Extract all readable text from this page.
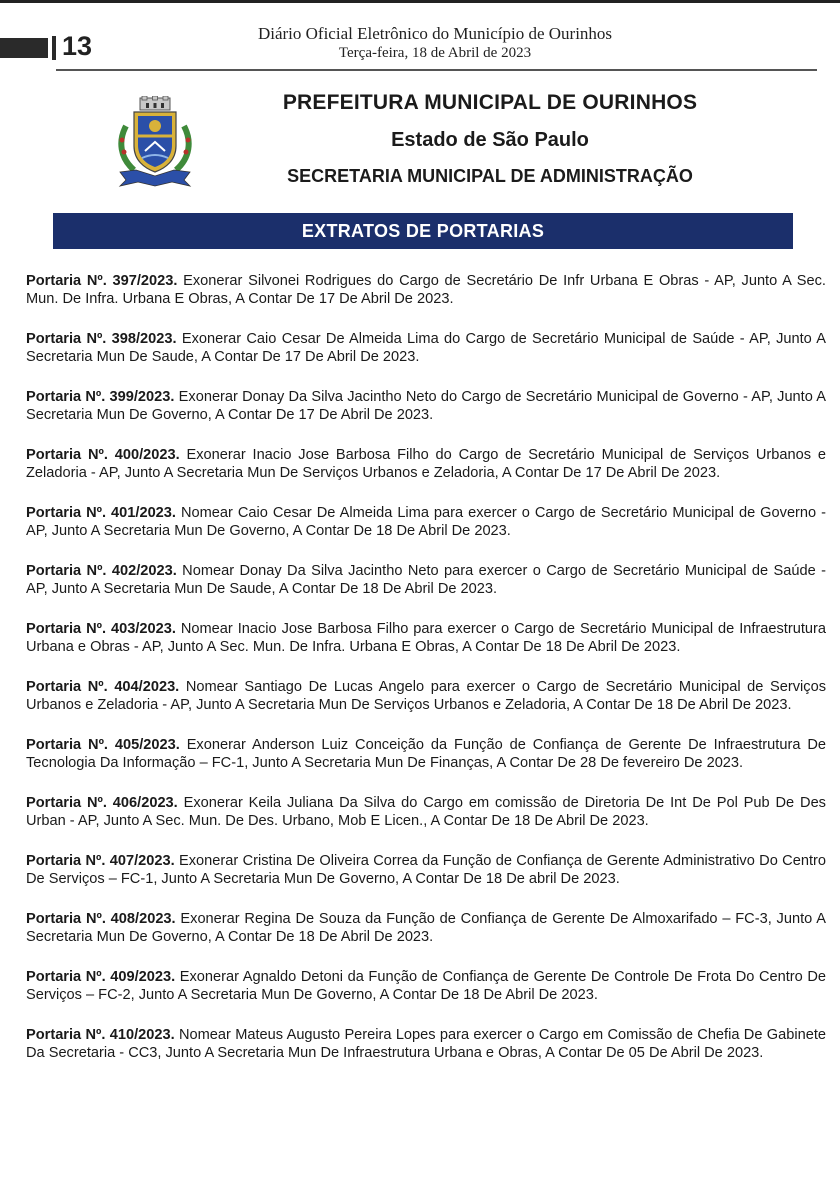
13	Diário Oficial Eletrônico do Município de Ourinhos
Terça-feira, 18 de Abril de 2023
PREFEITURA MUNICIPAL DE OURINHOS
Estado de São Paulo
SECRETARIA MUNICIPAL DE ADMINISTRAÇÃO
EXTRATOS DE PORTARIAS

Portaria Nº. 397/2023. Exonerar Silvonei Rodrigues do Cargo de Secretário De Infr Urbana E Obras - AP, Junto A Sec. Mun. De Infra. Urbana E Obras, A Contar De 17 De Abril De 2023.

Portaria Nº. 398/2023. Exonerar Caio Cesar De Almeida Lima do Cargo de Secretário Municipal de Saúde - AP, Junto A Secretaria Mun De Saude, A Contar De 17 De Abril De 2023.

Portaria Nº. 399/2023. Exonerar Donay Da Silva Jacintho Neto do Cargo de Secretário Municipal de Governo - AP, Junto A Secretaria Mun De Governo, A Contar De 17 De Abril De 2023.

Portaria Nº. 400/2023. Exonerar Inacio Jose Barbosa Filho do Cargo de Secretário Municipal de Serviços Urbanos e Zeladoria - AP, Junto A Secretaria Mun De Serviços Urbanos e Zeladoria, A Contar De 17 De Abril De 2023.

Portaria Nº. 401/2023. Nomear Caio Cesar De Almeida Lima para exercer o Cargo de Secretário Municipal de Governo - AP, Junto A Secretaria Mun De Governo, A Contar De 18 De Abril De 2023.

Portaria Nº. 402/2023. Nomear Donay Da Silva Jacintho Neto para exercer o Cargo de Secretário Municipal de Saúde - AP, Junto A Secretaria Mun De Saude, A Contar De 18 De Abril De 2023.

Portaria Nº. 403/2023. Nomear Inacio Jose Barbosa Filho para exercer o Cargo de Secretário Municipal de Infraestrutura Urbana e Obras - AP, Junto A Sec. Mun. De Infra. Urbana E Obras, A Contar De 18 De Abril De 2023.

Portaria Nº. 404/2023. Nomear Santiago De Lucas Angelo para exercer o Cargo de Secretário Municipal de Serviços Urbanos e Zeladoria - AP, Junto A Secretaria Mun De Serviços Urbanos e Zeladoria, A Contar De 18 De Abril De 2023.

Portaria Nº. 405/2023. Exonerar Anderson Luiz Conceição da Função de Confiança de Gerente De Infraestrutura De Tecnologia Da Informação – FC-1, Junto A Secretaria Mun De Finanças, A Contar De 28 De fevereiro De 2023.

Portaria Nº. 406/2023. Exonerar Keila Juliana Da Silva do Cargo em comissão de Diretoria De Int De Pol Pub De Des Urban - AP, Junto A Sec. Mun. De Des. Urbano, Mob E Licen., A Contar De 18 De Abril De 2023.

Portaria Nº. 407/2023. Exonerar Cristina De Oliveira Correa da Função de Confiança de Gerente Administrativo Do Centro De Serviços – FC-1, Junto A Secretaria Mun De Governo, A Contar De 18 De abril De 2023.

Portaria Nº. 408/2023. Exonerar Regina De Souza da Função de Confiança de Gerente De Almoxarifado – FC-3, Junto A Secretaria Mun De Governo, A Contar De 18 De Abril De 2023.

Portaria Nº. 409/2023. Exonerar Agnaldo Detoni da Função de Confiança de Gerente De Controle De Frota Do Centro De Serviços – FC-2, Junto A Secretaria Mun De Governo, A Contar De 18 De Abril De 2023.

Portaria Nº. 410/2023. Nomear Mateus Augusto Pereira Lopes para exercer o Cargo em Comissão de Chefia De Gabinete Da Secretaria - CC3, Junto A Secretaria Mun De Infraestrutura Urbana e Obras, A Contar De 05 De Abril De 2023.
